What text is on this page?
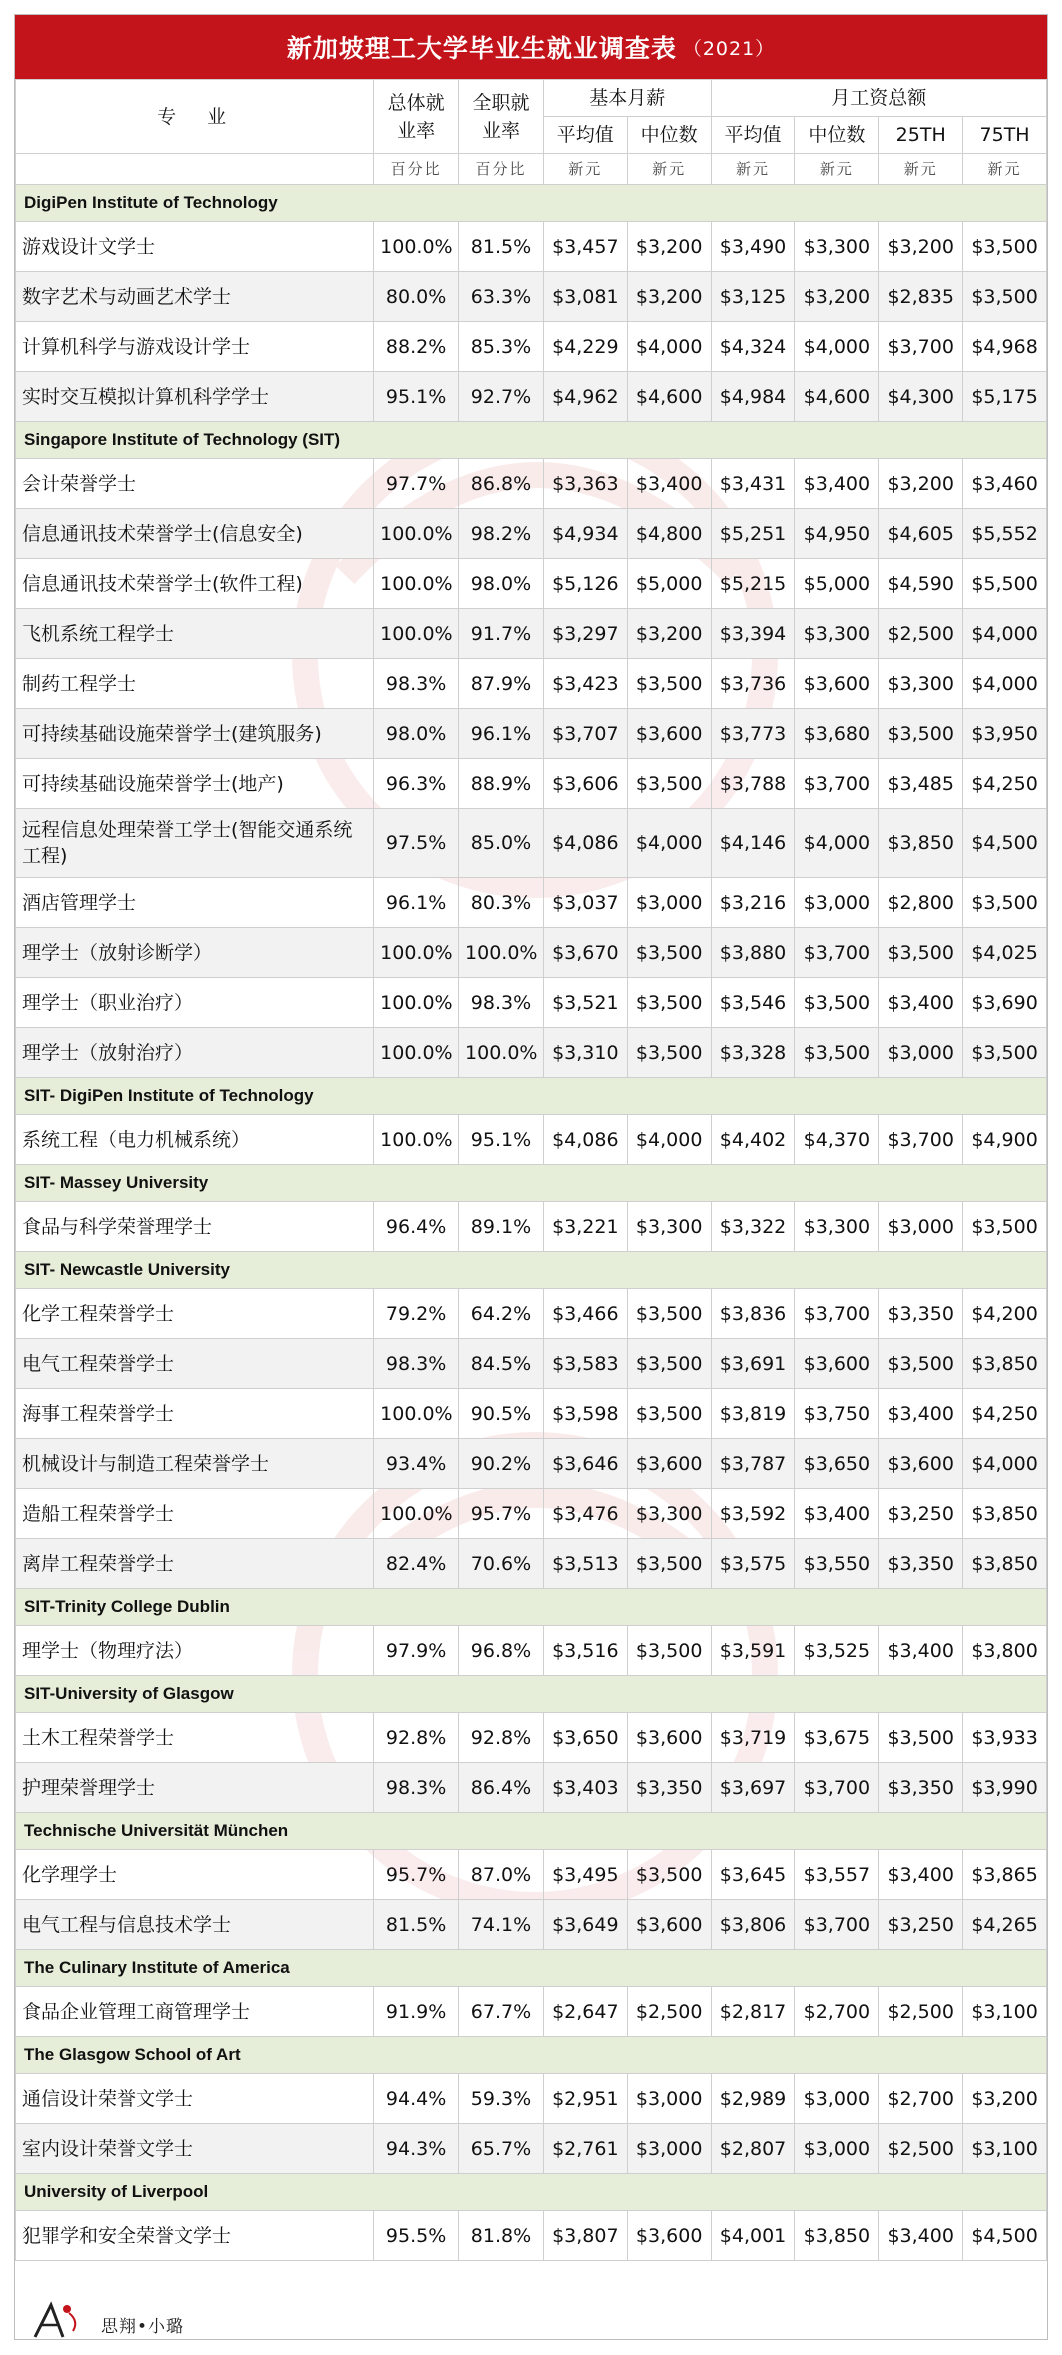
新加坡理工大学毕业生就业调查表 （2021）
专　业	总体就业率	全职就业率	基本月薪		月工资总额			
			平均值	中位数	平均值	中位数	25TH	75TH
	百分比	百分比	新元	新元	新元	新元	新元	新元
DigiPen Institute of Technology								
游戏设计文学士	100.0%	81.5%	$3,457	$3,200	$3,490	$3,300	$3,200	$3,500
数字艺术与动画艺术学士	80.0%	63.3%	$3,081	$3,200	$3,125	$3,200	$2,835	$3,500
计算机科学与游戏设计学士	88.2%	85.3%	$4,229	$4,000	$4,324	$4,000	$3,700	$4,968
实时交互模拟计算机科学学士	95.1%	92.7%	$4,962	$4,600	$4,984	$4,600	$4,300	$5,175
Singapore Institute of Technology (SIT)								
会计荣誉学士	97.7%	86.8%	$3,363	$3,400	$3,431	$3,400	$3,200	$3,460
信息通讯技术荣誉学士(信息安全)	100.0%	98.2%	$4,934	$4,800	$5,251	$4,950	$4,605	$5,552
信息通讯技术荣誉学士(软件工程)	100.0%	98.0%	$5,126	$5,000	$5,215	$5,000	$4,590	$5,500
飞机系统工程学士	100.0%	91.7%	$3,297	$3,200	$3,394	$3,300	$2,500	$4,000
制药工程学士	98.3%	87.9%	$3,423	$3,500	$3,736	$3,600	$3,300	$4,000
可持续基础设施荣誉学士(建筑服务)	98.0%	96.1%	$3,707	$3,600	$3,773	$3,680	$3,500	$3,950
可持续基础设施荣誉学士(地产)	96.3%	88.9%	$3,606	$3,500	$3,788	$3,700	$3,485	$4,250
远程信息处理荣誉工学士(智能交通系统工程)	97.5%	85.0%	$4,086	$4,000	$4,146	$4,000	$3,850	$4,500
酒店管理学士	96.1%	80.3%	$3,037	$3,000	$3,216	$3,000	$2,800	$3,500
理学士（放射诊断学）	100.0%	100.0%	$3,670	$3,500	$3,880	$3,700	$3,500	$4,025
理学士（职业治疗）	100.0%	98.3%	$3,521	$3,500	$3,546	$3,500	$3,400	$3,690
理学士（放射治疗）	100.0%	100.0%	$3,310	$3,500	$3,328	$3,500	$3,000	$3,500
SIT- DigiPen Institute of Technology								
系统工程（电力机械系统）	100.0%	95.1%	$4,086	$4,000	$4,402	$4,370	$3,700	$4,900
SIT- Massey University								
食品与科学荣誉理学士	96.4%	89.1%	$3,221	$3,300	$3,322	$3,300	$3,000	$3,500
SIT- Newcastle University								
化学工程荣誉学士	79.2%	64.2%	$3,466	$3,500	$3,836	$3,700	$3,350	$4,200
电气工程荣誉学士	98.3%	84.5%	$3,583	$3,500	$3,691	$3,600	$3,500	$3,850
海事工程荣誉学士	100.0%	90.5%	$3,598	$3,500	$3,819	$3,750	$3,400	$4,250
机械设计与制造工程荣誉学士	93.4%	90.2%	$3,646	$3,600	$3,787	$3,650	$3,600	$4,000
造船工程荣誉学士	100.0%	95.7%	$3,476	$3,300	$3,592	$3,400	$3,250	$3,850
离岸工程荣誉学士	82.4%	70.6%	$3,513	$3,500	$3,575	$3,550	$3,350	$3,850
SIT-Trinity College Dublin								
理学士（物理疗法）	97.9%	96.8%	$3,516	$3,500	$3,591	$3,525	$3,400	$3,800
SIT-University of Glasgow								
土木工程荣誉学士	92.8%	92.8%	$3,650	$3,600	$3,719	$3,675	$3,500	$3,933
护理荣誉理学士	98.3%	86.4%	$3,403	$3,350	$3,697	$3,700	$3,350	$3,990
Technische Universität München								
化学理学士	95.7%	87.0%	$3,495	$3,500	$3,645	$3,557	$3,400	$3,865
电气工程与信息技术学士	81.5%	74.1%	$3,649	$3,600	$3,806	$3,700	$3,250	$4,265
The Culinary Institute of America								
食品企业管理工商管理学士	91.9%	67.7%	$2,647	$2,500	$2,817	$2,700	$2,500	$3,100
The Glasgow School of Art								
通信设计荣誉文学士	94.4%	59.3%	$2,951	$3,000	$2,989	$3,000	$2,700	$3,200
室内设计荣誉文学士	94.3%	65.7%	$2,761	$3,000	$2,807	$3,000	$2,500	$3,100
University of Liverpool								
犯罪学和安全荣誉文学士	95.5%	81.8%	$3,807	$3,600	$4,001	$3,850	$3,400	$4,500
思翔•小璐
